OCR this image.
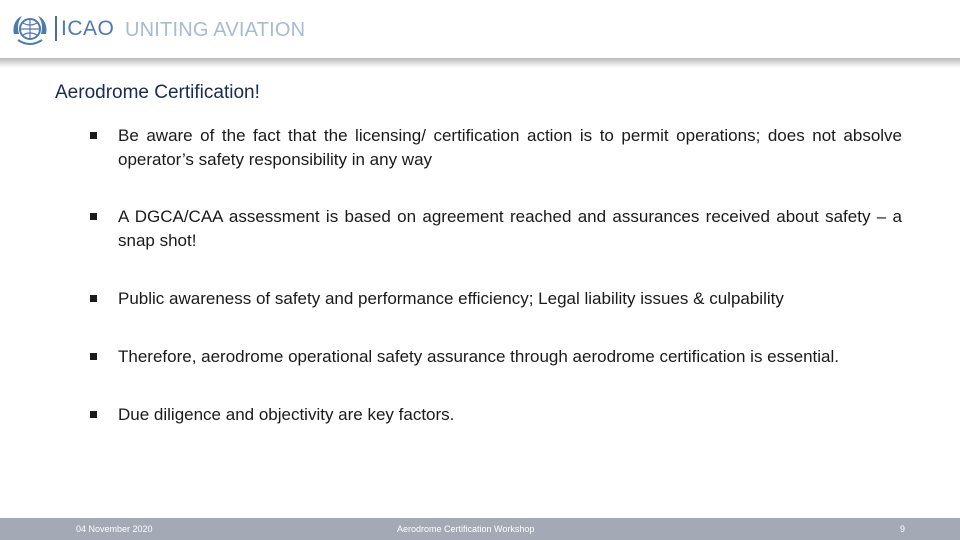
ICAO UNITING AVIATION
Aerodrome Certification!
Be aware of the fact that the licensing/ certification action is to permit operations; does not absolve operator’s safety responsibility in any way
A DGCA/CAA assessment is based on agreement reached and assurances received about safety – a snap shot!
Public awareness of safety and performance efficiency; Legal liability issues & culpability
Therefore, aerodrome operational safety assurance through aerodrome certification is essential.
Due diligence and objectivity are key factors.
04 November 2020	Aerodrome Certification Workshop	9
